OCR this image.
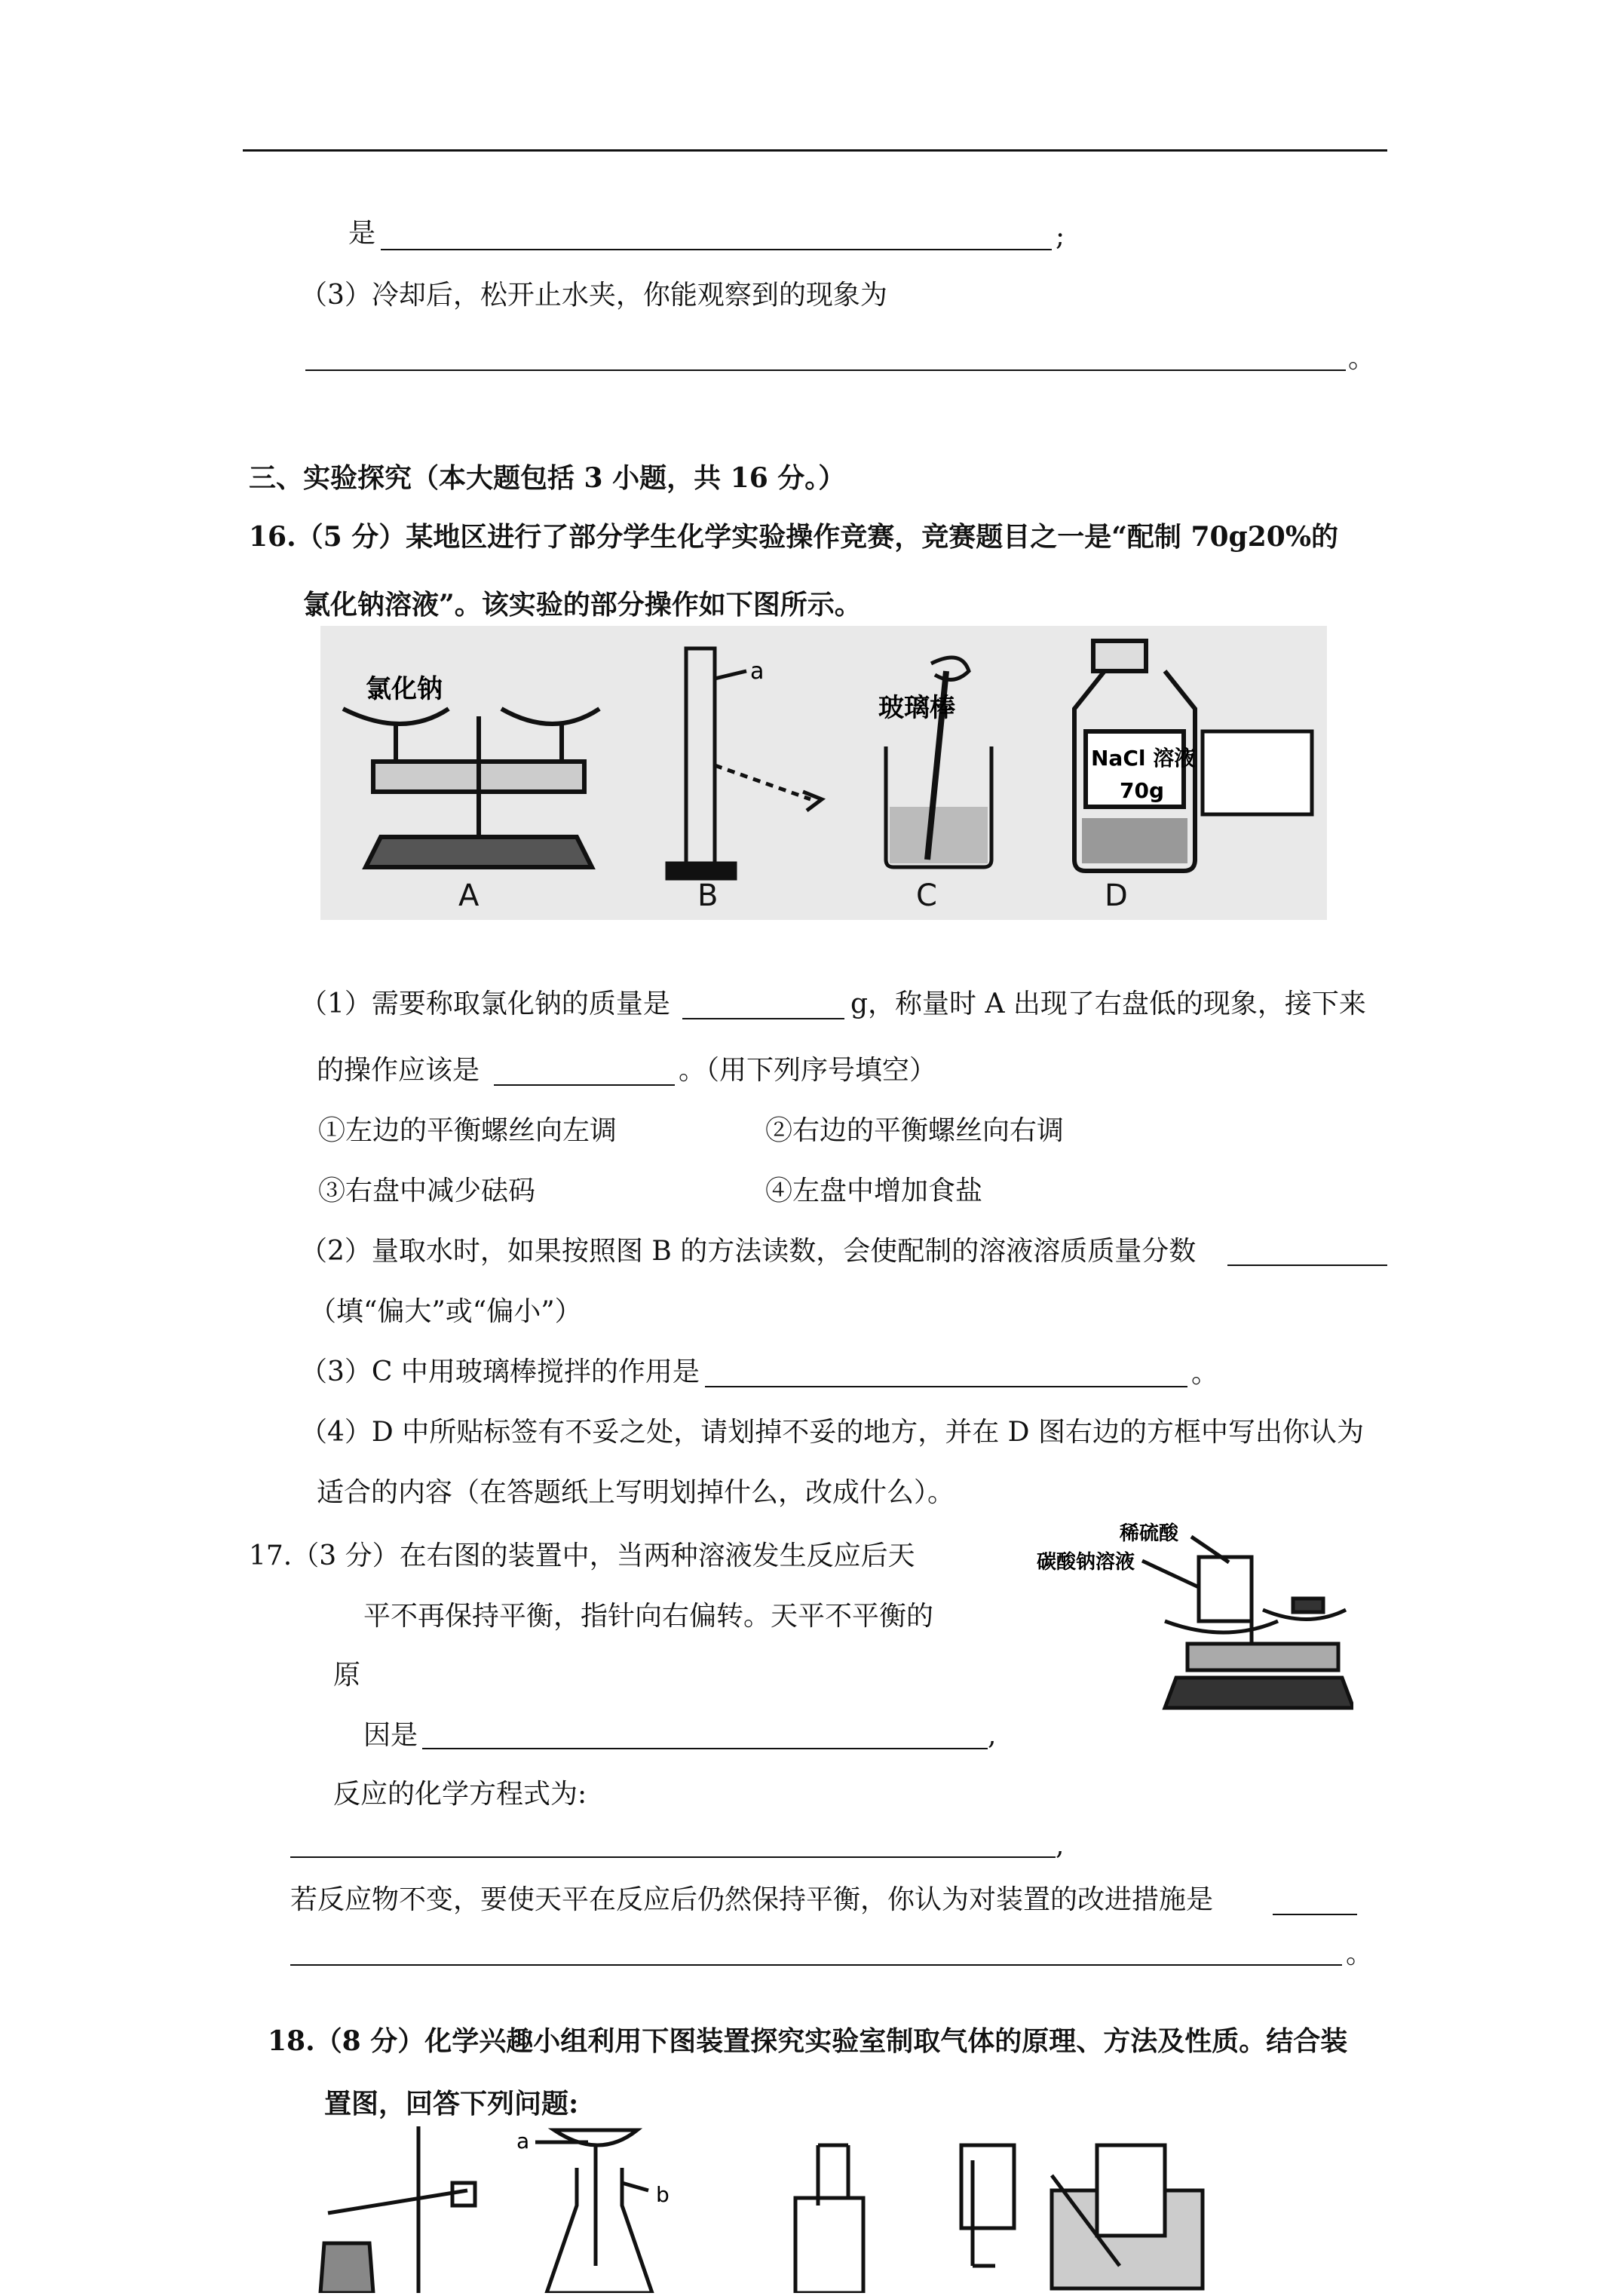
是	;
（3）冷却后，松开止水夹，你能观察到的现象为
。
三、实验探究（本大题包括 3 小题，共 16 分。）
16.（5 分）某地区进行了部分学生化学实验操作竞赛，竞赛题目之一是“配制 70g20%的
氯化钠溶液”。该实验的部分操作如下图所示。
氯化钠
a
玻璃棒
NaCl 溶液
70g
A	B	C	D
（1）需要称取氯化钠的质量是	g，称量时 A 出现了右盘低的现象，接下来
的操作应该是	。（用下列序号填空）
①左边的平衡螺丝向左调	②右边的平衡螺丝向右调
③右盘中减少砝码	④左盘中增加食盐
（2）量取水时，如果按照图 B 的方法读数，会使配制的溶液溶质质量分数
（填“偏大”或“偏小”）
（3）C 中用玻璃棒搅拌的作用是	。
（4）D 中所贴标签有不妥之处，请划掉不妥的地方，并在 D 图右边的方框中写出你认为
适合的内容（在答题纸上写明划掉什么，改成什么）。
17.（3 分）在右图的装置中，当两种溶液发生反应后天
平不再保持平衡，指针向右偏转。天平不平衡的
原
因是	,
反应的化学方程式为:
,
若反应物不变，要使天平在反应后仍然保持平衡，你认为对装置的改进措施是
。
稀硫酸
碳酸钠溶液
18.（8 分）化学兴趣小组利用下图装置探究实验室制取气体的原理、方法及性质。结合装
置图，回答下列问题:
a
b
